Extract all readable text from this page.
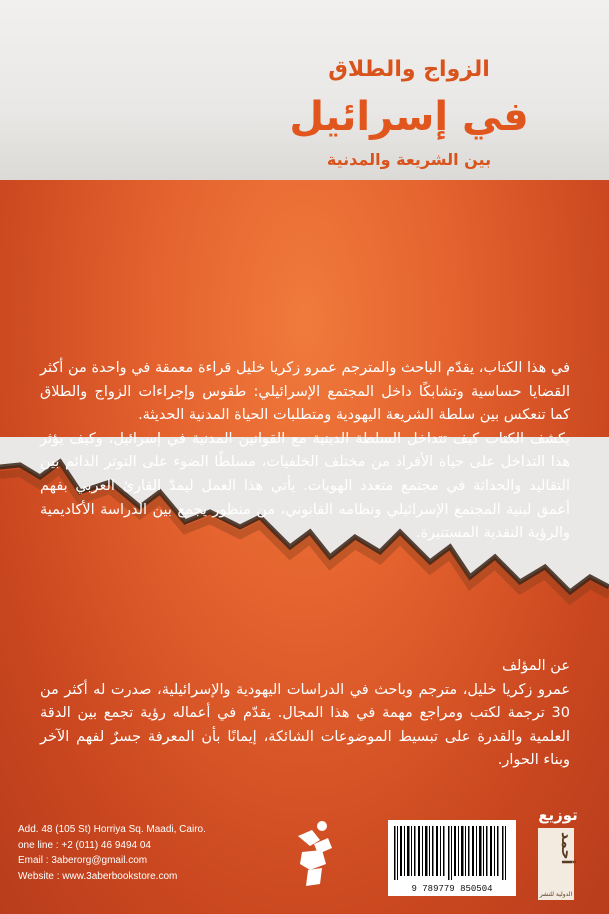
الزواج والطلاق
في إسرائيل
بين الشريعة والمدنية

في هذا الكتاب، يقدّم الباحث والمترجم عمرو زكريا خليل قراءة معمقة في واحدة من أكثر القضايا حساسية وتشابكًا داخل المجتمع الإسرائيلي: طقوس وإجراءات الزواج والطلاق كما تنعكس بين سلطة الشريعة اليهودية ومتطلبات الحياة المدنية الحديثة.

يكشف الكتاب كيف تتداخل السلطة الدينية مع القوانين المدنية في إسرائيل، وكيف يؤثر هذا التداخل على حياة الأفراد من مختلف الخلفيات، مسلطًا الضوء على التوتر الدائم بين التقاليد والحداثة في مجتمع متعدد الهويات. يأتي هذا العمل ليمدّ القارئ العربي بفهم أعمق لبنية المجتمع الإسرائيلي ونظامه القانوني، من منظور يجمع بين الدراسة الأكاديمية والرؤية النقدية المستنيرة.

عن المؤلف

عمرو زكريا خليل، مترجم وباحث في الدراسات اليهودية والإسرائيلية، صدرت له أكثر من 30 ترجمة لكتب ومراجع مهمة في هذا المجال. يقدّم في أعماله رؤية تجمع بين الدقة العلمية والقدرة على تبسيط الموضوعات الشائكة، إيمانًا بأن المعرفة جسرٌ لفهم الآخر وبناء الحوار.

Add. 48 (105 St) Horriya Sq. Maadi, Cairo.
one line : +2 (011) 46 9494 04
Email : 3aberorg@gmail.com
Website : www.3aberbookstore.com
9 789779 850504
توزيع
أحمد
الدولية للنشر
